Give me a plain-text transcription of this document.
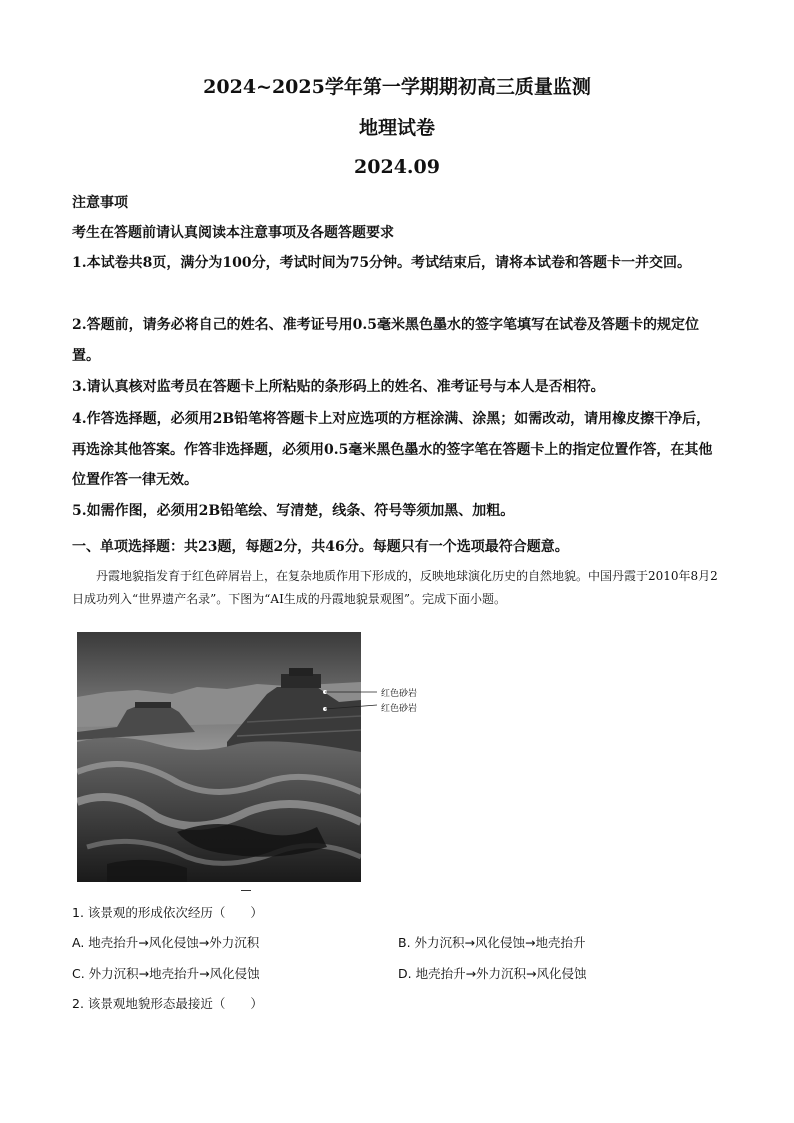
2024~2025学年第一学期期初高三质量监测
地理试卷
2024.09
注意事项
考生在答题前请认真阅读本注意事项及各题答题要求
1.本试卷共8页，满分为100分，考试时间为75分钟。考试结束后，请将本试卷和答题卡一并交回。
2.答题前，请务必将自己的姓名、准考证号用0.5毫米黑色墨水的签字笔填写在试卷及答题卡的规定位置。
3.请认真核对监考员在答题卡上所粘贴的条形码上的姓名、准考证号与本人是否相符。
4.作答选择题，必须用2B铅笔将答题卡上对应选项的方框涂满、涂黑；如需改动，请用橡皮擦干净后，再选涂其他答案。作答非选择题，必须用0.5毫米黑色墨水的签字笔在答题卡上的指定位置作答，在其他位置作答一律无效。
5.如需作图，必须用2B铅笔绘、写清楚，线条、符号等须加黑、加粗。
一、单项选择题：共23题，每题2分，共46分。每题只有一个选项最符合题意。
丹霞地貌指发育于红色碎屑岩上，在复杂地质作用下形成的，反映地球演化历史的自然地貌。中国丹霞于2010年8月2日成功列入“世界遗产名录”。下图为“AI生成的丹霞地貌景观图”。完成下面小题。
红色砂岩
红色砂岩
1. 该景观的形成依次经历（　　）
A. 地壳抬升→风化侵蚀→外力沉积	B. 外力沉积→风化侵蚀→地壳抬升
C. 外力沉积→地壳抬升→风化侵蚀	D. 地壳抬升→外力沉积→风化侵蚀
2. 该景观地貌形态最接近（　　）
